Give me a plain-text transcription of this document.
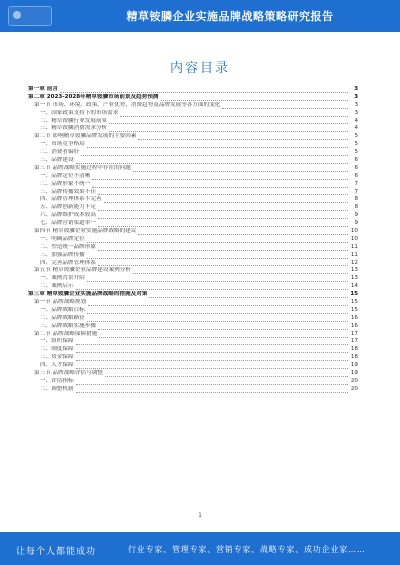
精草铵膦企业实施品牌战略策略研究报告
内容目录
第一章 前言	3
第二章 2023-2028年精草铵膦市场前景及趋势预测	3
第一节 市场、环境、政策、产业优势、消费趋势及品牌发展等各方面的变化	3
一、国家政策支持下的市场需求	3
二、精草铵膦行业发展前景	4
三、精草铵膦消费需求分析	4
第二节 影响精草铵膦品牌发展的主要因素	5
一、市场竞争格局	5
二、消费者偏好	5
三、品牌建设	6
第三节 品牌战略实施过程中存在的问题	6
一、品牌定位不清晰	6
二、品牌形象不统一	7
三、品牌传播效果不佳	7
四、品牌管理体系不完善	8
五、品牌创新能力不足	8
六、品牌维护成本较高	9
七、品牌营销渠道单一	9
第四节 精草铵膦企业实施品牌战略的建议	10
一、明确品牌定位	10
二、塑造统一品牌形象	11
三、加强品牌传播	11
四、完善品牌管理体系	12
第五节 精草铵膦企业品牌建设案例分析	13
一、案例背景介绍	13
二、案例启示	14
第三章 精草铵膦企业实施品牌战略的措施及对策	15
第一节 品牌战略规划	15
一、品牌战略目标	15
二、品牌战略路径	16
三、品牌战略实施步骤	16
第二节 品牌战略保障措施	17
一、组织保障	17
二、制度保障	18
三、资金保障	18
四、人才保障	19
第三节 品牌战略评估与调整	19
一、评估指标	20
二、调整机制	20
1
让每个人都能成功	行业专家、管理专家、营销专家、战略专家、成功企业家……
